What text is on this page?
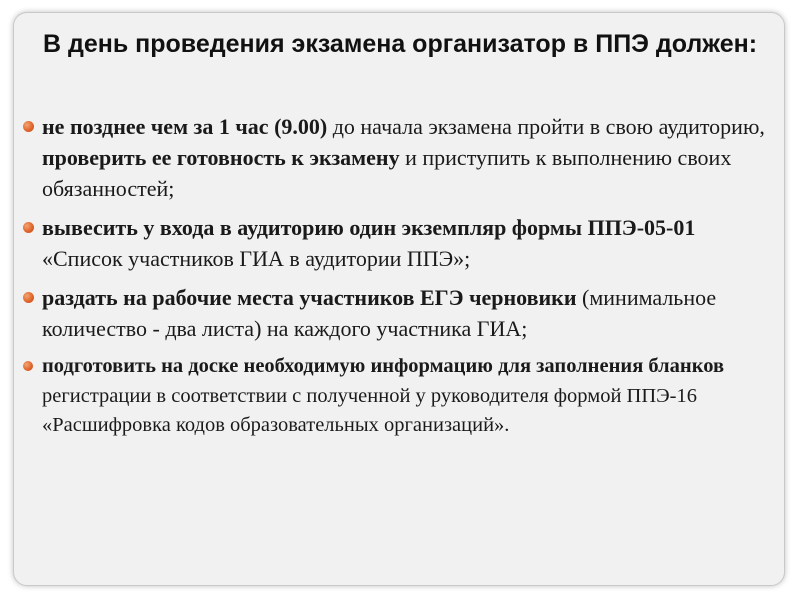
В день проведения экзамена организатор в ППЭ должен:
не позднее чем за 1 час (9.00) до начала экзамена пройти в свою аудиторию, проверить ее готовность к экзамену и приступить к выполнению своих обязанностей;
вывесить у входа в аудиторию один экземпляр формы ППЭ-05-01 «Список участников ГИА в аудитории ППЭ»;
раздать на рабочие места участников ЕГЭ черновики (минимальное количество - два листа) на каждого участника ГИА;
подготовить на доске необходимую информацию для заполнения бланков регистрации в соответствии с полученной у руководителя формой ППЭ-16 «Расшифровка кодов образовательных организаций».
